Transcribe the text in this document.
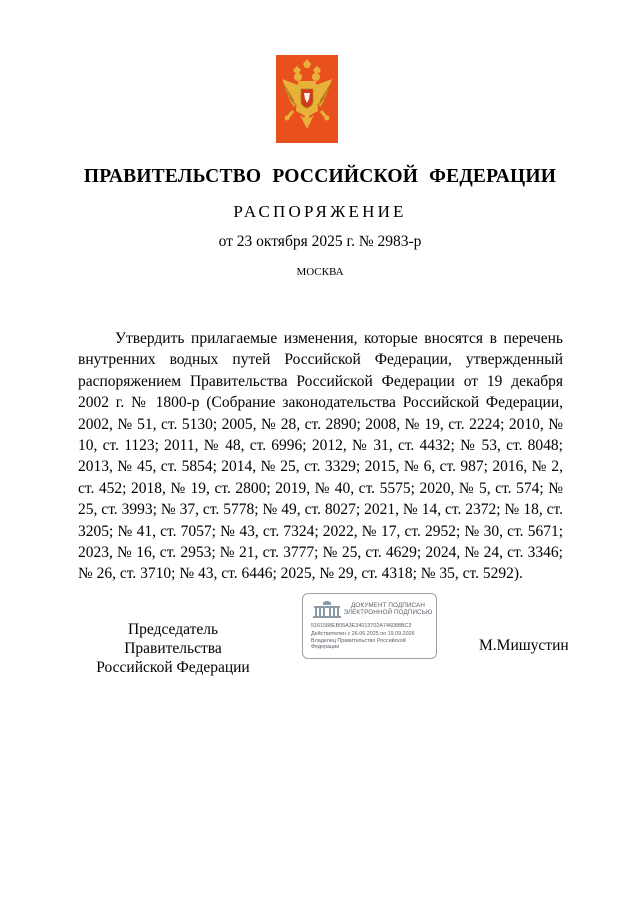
ПРАВИТЕЛЬСТВО РОССИЙСКОЙ ФЕДЕРАЦИИ

РАСПОРЯЖЕНИЕ

от 23 октября 2025 г. № 2983-р

МОСКВА

Утвердить прилагаемые изменения, которые вносятся в перечень внутренних водных путей Российской Федерации, утвержденный распоряжением Правительства Российской Федерации от 19 декабря 2002 г. № 1800-р (Собрание законодательства Российской Федерации, 2002, № 51, ст. 5130; 2005, № 28, ст. 2890; 2008, № 19, ст. 2224; 2010, № 10, ст. 1123; 2011, № 48, ст. 6996; 2012, № 31, ст. 4432; № 53, ст. 8048; 2013, № 45, ст. 5854; 2014, № 25, ст. 3329; 2015, № 6, ст. 987; 2016, № 2, ст. 452; 2018, № 19, ст. 2800; 2019, № 40, ст. 5575; 2020, № 5, ст. 574; № 25, ст. 3993; № 37, ст. 5778; № 49, ст. 8027; 2021, № 14, ст. 2372; № 18, ст. 3205; № 41, ст. 7057; № 43, ст. 7324; 2022, № 17, ст. 2952; № 30, ст. 5671; 2023, № 16, ст. 2953; № 21, ст. 3777; № 25, ст. 4629; 2024, № 24, ст. 3346; № 26, ст. 3710; № 43, ст. 6446; 2025, № 29, ст. 4318; № 35, ст. 5292).
Председатель Правительства
Российской Федерации
ДОКУМЕНТ ПОДПИСАН
ЭЛЕКТРОННОЙ ПОДПИСЬЮ
5161588EB05A3E34013702A746088BC3
Действителен с 26.06.2025 по 19.09.2026
Владелец Правительство Российской
Федерации	М.Мишустин
